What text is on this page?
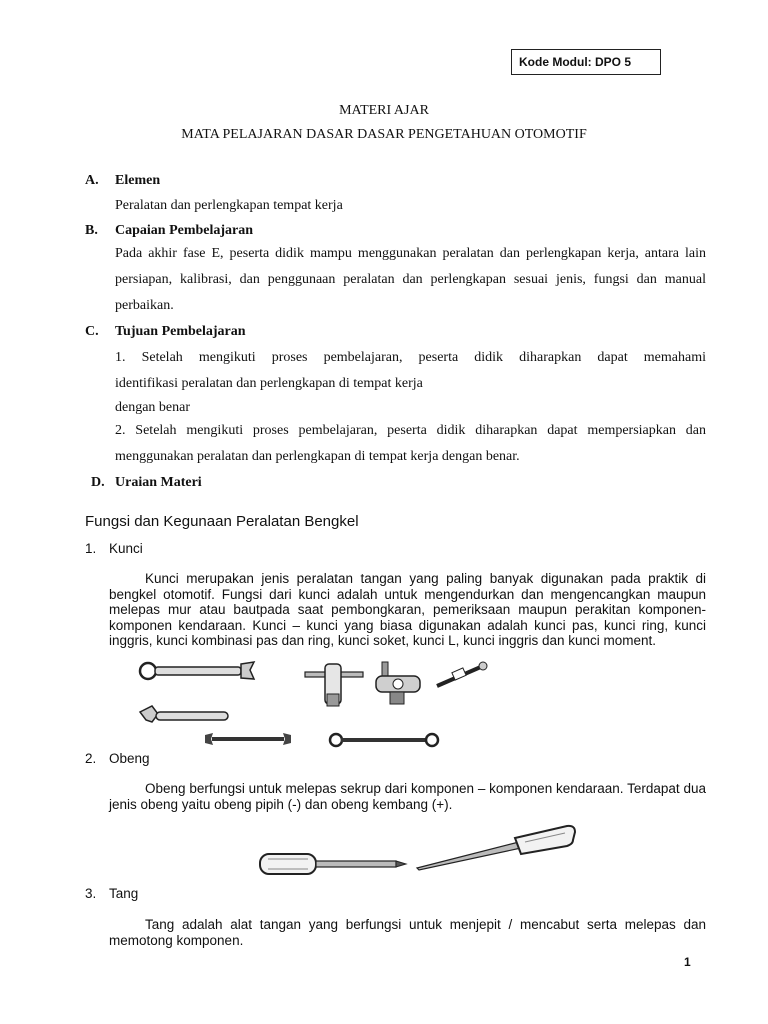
Kode Modul: DPO 5
MATERI AJAR
MATA PELAJARAN DASAR DASAR PENGETAHUAN OTOMOTIF
A. Elemen
Peralatan dan perlengkapan tempat kerja
B. Capaian Pembelajaran
Pada akhir fase E, peserta didik mampu menggunakan peralatan dan perlengkapan kerja, antara lain persiapan, kalibrasi, dan penggunaan peralatan dan perlengkapan sesuai jenis, fungsi dan manual perbaikan.
C. Tujuan Pembelajaran
1. Setelah mengikuti proses pembelajaran, peserta didik diharapkan dapat memahami
identifikasi peralatan dan perlengkapan di tempat kerja
dengan benar
2. Setelah mengikuti proses pembelajaran, peserta didik diharapkan dapat mempersiapkan dan menggunakan peralatan dan perlengkapan di tempat kerja dengan benar.
D. Uraian Materi
Fungsi dan Kegunaan Peralatan Bengkel
1. Kunci
Kunci merupakan jenis peralatan tangan yang paling banyak digunakan pada praktik di bengkel otomotif. Fungsi dari kunci adalah untuk mengendurkan dan mengencangkan maupun melepas mur atau bautpada saat pembongkaran, pemeriksaan maupun perakitan komponen-komponen kendaraan. Kunci – kunci yang biasa digunakan adalah kunci pas, kunci ring, kunci inggris, kunci kombinasi pas dan ring, kunci soket, kunci L, kunci inggris dan kunci moment.
2. Obeng
Obeng berfungsi untuk melepas sekrup dari komponen – komponen kendaraan. Terdapat dua jenis obeng yaitu obeng pipih (-) dan obeng kembang (+).
3. Tang
Tang adalah alat tangan yang berfungsi untuk menjepit / mencabut serta melepas dan memotong komponen.
1
